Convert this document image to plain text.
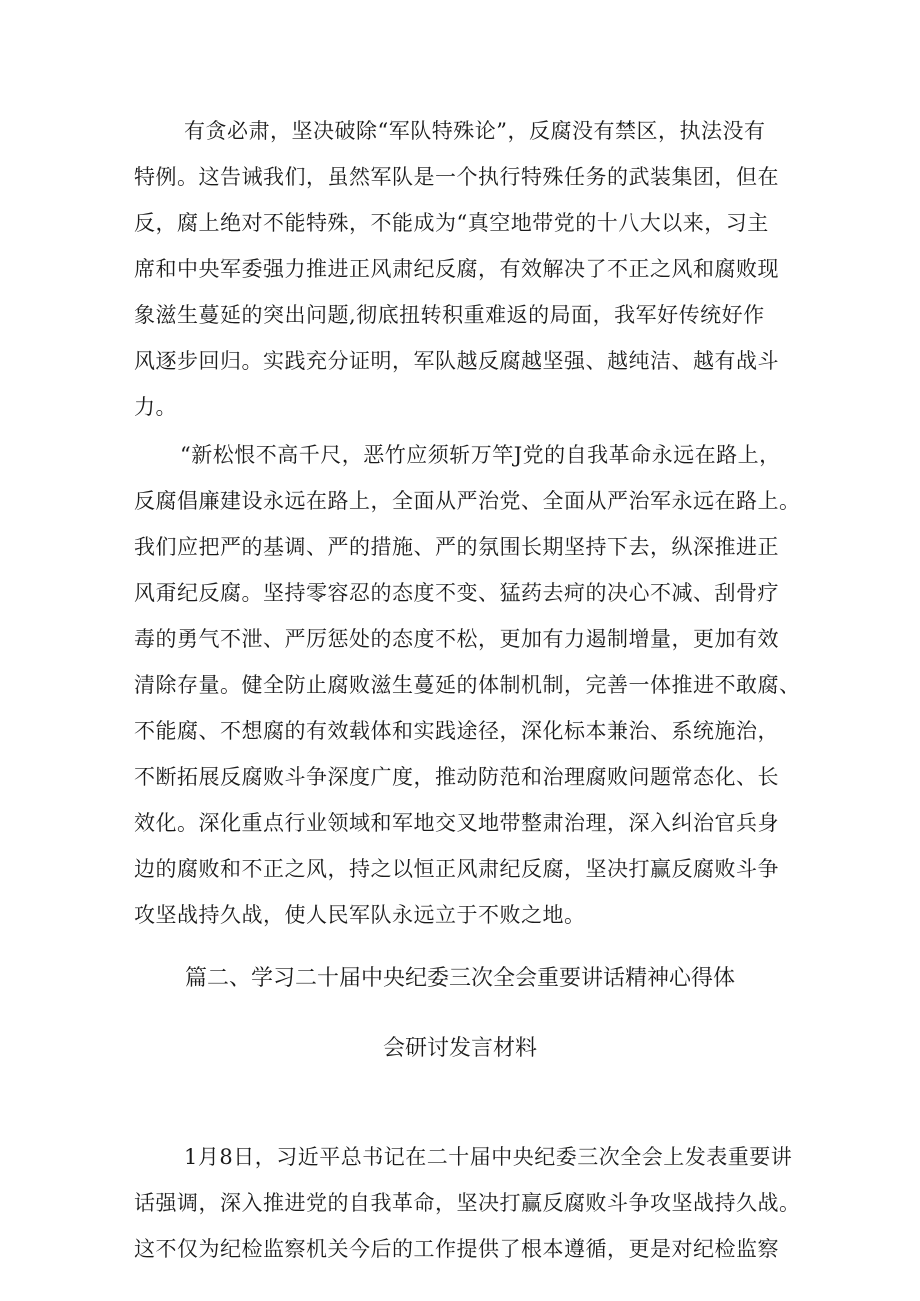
有贪必肃，坚决破除“军队特殊论”，反腐没有禁区，执法没有
特例。这告诫我们，虽然军队是一个执行特殊任务的武装集团，但在
反，腐上绝对不能特殊，不能成为“真空地带党的十八大以来，习主
席和中央军委强力推进正风肃纪反腐，有效解决了不正之风和腐败现
象滋生蔓延的突出问题,彻底扭转积重难返的局面，我军好传统好作
风逐步回归。实践充分证明，军队越反腐越坚强、越纯洁、越有战斗
力。
“新松恨不高千尺，恶竹应须斩万竿J党的自我革命永远在路上，
反腐倡廉建设永远在路上，全面从严治党、全面从严治军永远在路上。
我们应把严的基调、严的措施、严的氛围长期坚持下去，纵深推进正
风甭纪反腐。坚持零容忍的态度不变、猛药去疴的决心不减、刮骨疗
毒的勇气不泄、严厉惩处的态度不松，更加有力遏制增量，更加有效
清除存量。健全防止腐败滋生蔓延的体制机制，完善一体推进不敢腐、
不能腐、不想腐的有效载体和实践途径，深化标本兼治、系统施治，
不断拓展反腐败斗争深度广度，推动防范和治理腐败问题常态化、长
效化。深化重点行业领域和军地交叉地带整肃治理，深入纠治官兵身
边的腐败和不正之风，持之以恒正风肃纪反腐，坚决打赢反腐败斗争
攻坚战持久战，使人民军队永远立于不败之地。
篇二、学习二十届中央纪委三次全会重要讲话精神心得体
会研讨发言材料
1月8日，习近平总书记在二十届中央纪委三次全会上发表重要讲
话强调，深入推进党的自我革命，坚决打赢反腐败斗争攻坚战持久战。
这不仅为纪检监察机关今后的工作提供了根本遵循，更是对纪检监察
